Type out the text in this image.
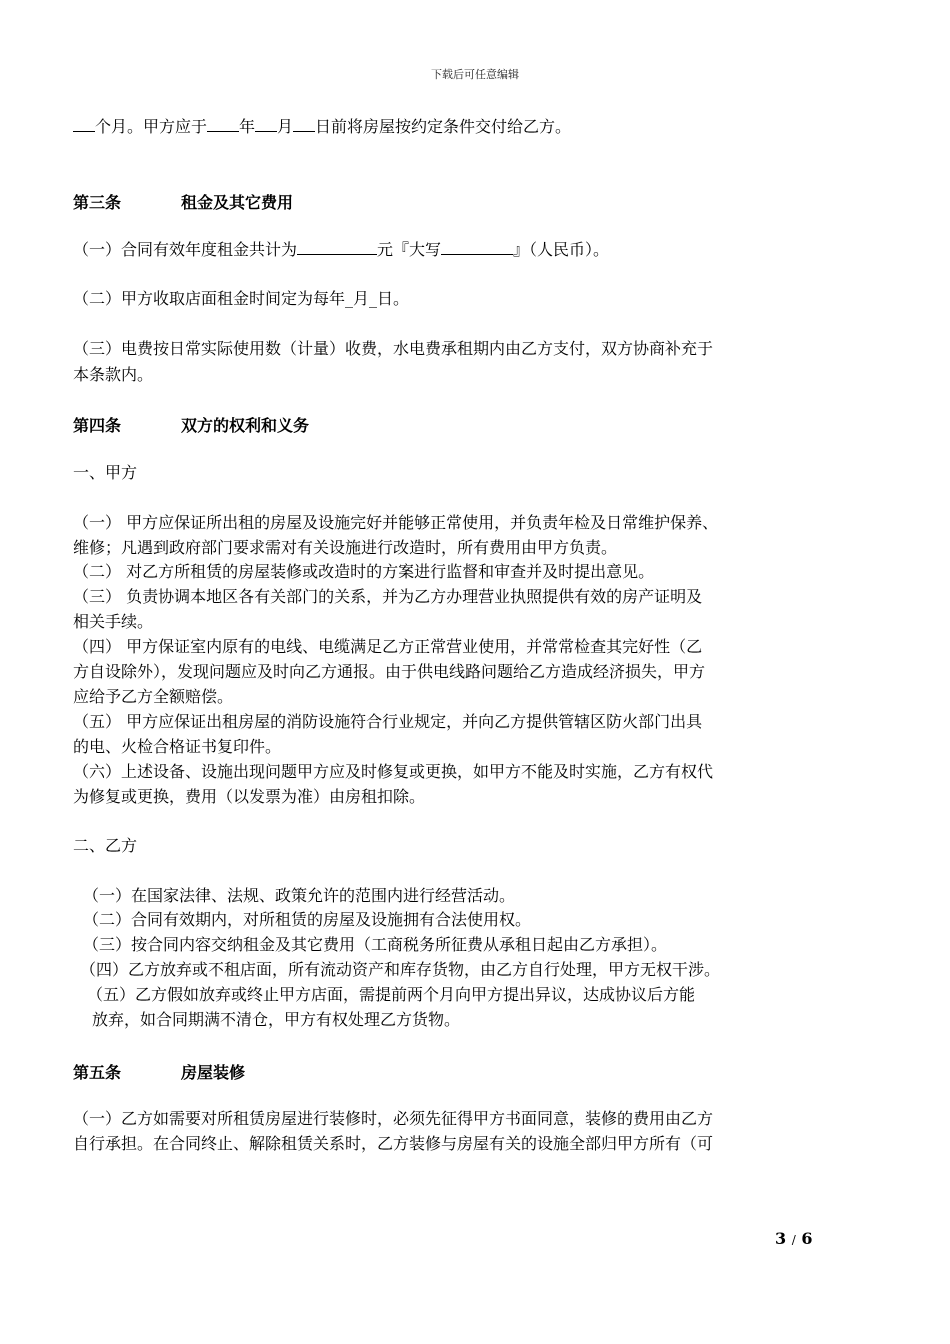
下载后可任意编辑
个月。甲方应于 年 月 日前将房屋按约定条件交付给乙方。
第三条	租金及其它费用
（一）合同有效年度租金共计为	元『大写	』（人民币）。
（二）甲方收取店面租金时间定为每年_月_日。
（三）电费按日常实际使用数（计量）收费，水电费承租期内由乙方支付，双方协商补充于
本条款内。
第四条	双方的权利和义务
一、甲方
（一） 甲方应保证所出租的房屋及设施完好并能够正常使用，并负责年检及日常维护保养、
维修；凡遇到政府部门要求需对有关设施进行改造时，所有费用由甲方负责。
（二） 对乙方所租赁的房屋装修或改造时的方案进行监督和审查并及时提出意见。
（三） 负责协调本地区各有关部门的关系，并为乙方办理营业执照提供有效的房产证明及
相关手续。
（四） 甲方保证室内原有的电线、电缆满足乙方正常营业使用，并常常检查其完好性（乙
方自设除外），发现问题应及时向乙方通报。由于供电线路问题给乙方造成经济损失，甲方
应给予乙方全额赔偿。
（五） 甲方应保证出租房屋的消防设施符合行业规定，并向乙方提供管辖区防火部门出具
的电、火检合格证书复印件。
（六）上述设备、设施出现问题甲方应及时修复或更换，如甲方不能及时实施，乙方有权代
为修复或更换，费用（以发票为准）由房租扣除。
二、乙方
（一）在国家法律、法规、政策允许的范围内进行经营活动。
（二）合同有效期内，对所租赁的房屋及设施拥有合法使用权。
（三）按合同内容交纳租金及其它费用（工商税务所征费从承租日起由乙方承担）。
（四）乙方放弃或不租店面，所有流动资产和库存货物，由乙方自行处理，甲方无权干涉。
（五）乙方假如放弃或终止甲方店面，需提前两个月向甲方提出异议，达成协议后方能
放弃，如合同期满不清仓，甲方有权处理乙方货物。
第五条	房屋装修
（一）乙方如需要对所租赁房屋进行装修时，必须先征得甲方书面同意，装修的费用由乙方
自行承担。在合同终止、解除租赁关系时，乙方装修与房屋有关的设施全部归甲方所有（可
3 / 6
